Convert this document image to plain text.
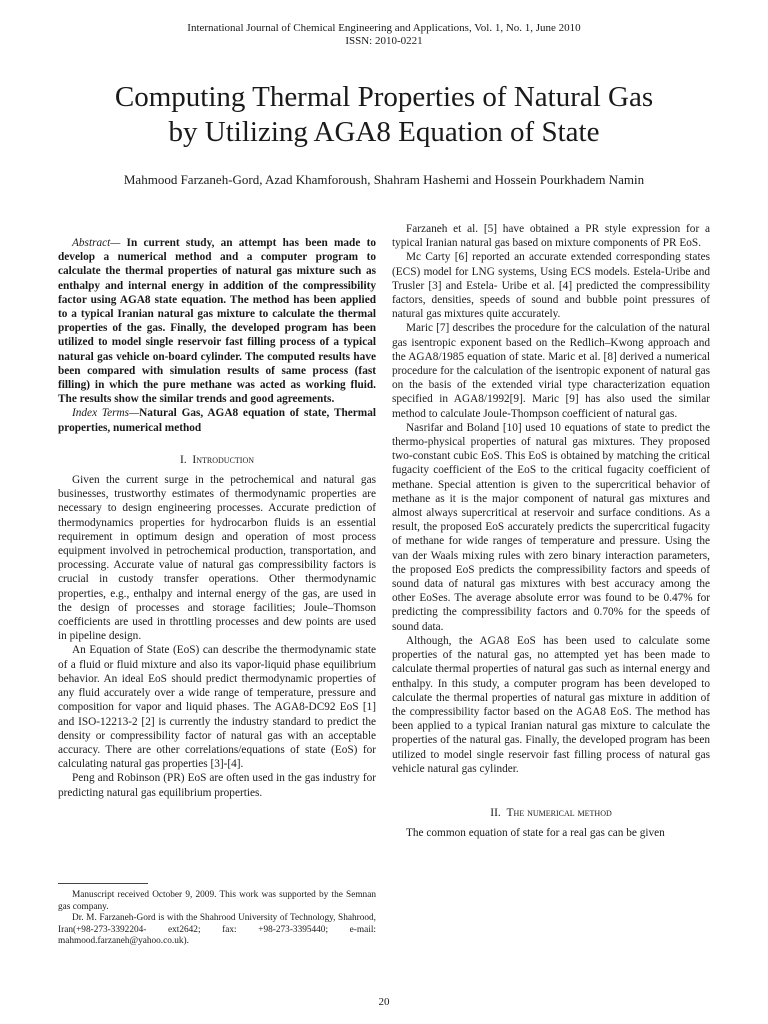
International Journal of Chemical Engineering and Applications, Vol. 1, No. 1, June 2010
ISSN: 2010-0221
Computing Thermal Properties of Natural Gas
by Utilizing AGA8 Equation of State
Mahmood Farzaneh-Gord, Azad Khamforoush, Shahram Hashemi and Hossein Pourkhadem Namin

Abstract— In current study, an attempt has been made to develop a numerical method and a computer program to calculate the thermal properties of natural gas mixture such as enthalpy and internal energy in addition of the compressibility factor using AGA8 state equation. The method has been applied to a typical Iranian natural gas mixture to calculate the thermal properties of the gas. Finally, the developed program has been utilized to model single reservoir fast filling process of a typical natural gas vehicle on-board cylinder. The computed results have been compared with simulation results of same process (fast filling) in which the pure methane was acted as working fluid. The results show the similar trends and good agreements.

Index Terms—Natural Gas, AGA8 equation of state, Thermal properties, numerical method

I. Introduction

Given the current surge in the petrochemical and natural gas businesses, trustworthy estimates of thermodynamic properties are necessary to design engineering processes. Accurate prediction of thermodynamics properties for hydrocarbon fluids is an essential requirement in optimum design and operation of most process equipment involved in petrochemical production, transportation, and processing. Accurate value of natural gas compressibility factors is crucial in custody transfer operations. Other thermodynamic properties, e.g., enthalpy and internal energy of the gas, are used in the design of processes and storage facilities; Joule–Thomson coefficients are used in throttling processes and dew points are used in pipeline design.

An Equation of State (EoS) can describe the thermodynamic state of a fluid or fluid mixture and also its vapor-liquid phase equilibrium behavior. An ideal EoS should predict thermodynamic properties of any fluid accurately over a wide range of temperature, pressure and composition for vapor and liquid phases. The AGA8-DC92 EoS [1] and ISO-12213-2 [2] is currently the industry standard to predict the density or compressibility factor of natural gas with an acceptable accuracy. There are other correlations/equations of state (EoS) for calculating natural gas properties [3]-[4].

Peng and Robinson (PR) EoS are often used in the gas industry for predicting natural gas equilibrium properties.

Manuscript received October 9, 2009. This work was supported by the Semnan gas company.

Dr. M. Farzaneh-Gord is with the Shahrood University of Technology, Shahrood, Iran(+98-273-3392204- ext2642; fax: +98-273-3395440; e-mail: mahmood.farzaneh@yahoo.co.uk).

Farzaneh et al. [5] have obtained a PR style expression for a typical Iranian natural gas based on mixture components of PR EoS.

Mc Carty [6] reported an accurate extended corresponding states (ECS) model for LNG systems, Using ECS models. Estela-Uribe and Trusler [3] and Estela- Uribe et al. [4] predicted the compressibility factors, densities, speeds of sound and bubble point pressures of natural gas mixtures quite accurately.

Maric [7] describes the procedure for the calculation of the natural gas isentropic exponent based on the Redlich–Kwong approach and the AGA8/1985 equation of state. Maric et al. [8] derived a numerical procedure for the calculation of the isentropic exponent of natural gas on the basis of the extended virial type characterization equation specified in AGA8/1992[9]. Maric [9] has also used the similar method to calculate Joule-Thompson coefficient of natural gas.

Nasrifar and Boland [10] used 10 equations of state to predict the thermo-physical properties of natural gas mixtures. They proposed two-constant cubic EoS. This EoS is obtained by matching the critical fugacity coefficient of the EoS to the critical fugacity coefficient of methane. Special attention is given to the supercritical behavior of methane as it is the major component of natural gas mixtures and almost always supercritical at reservoir and surface conditions. As a result, the proposed EoS accurately predicts the supercritical fugacity of methane for wide ranges of temperature and pressure. Using the van der Waals mixing rules with zero binary interaction parameters, the proposed EoS predicts the compressibility factors and speeds of sound data of natural gas mixtures with best accuracy among the other EoSes. The average absolute error was found to be 0.47% for predicting the compressibility factors and 0.70% for the speeds of sound data.

Although, the AGA8 EoS has been used to calculate some properties of the natural gas, no attempted yet has been made to calculate thermal properties of natural gas such as internal energy and enthalpy. In this study, a computer program has been developed to calculate the thermal properties of natural gas mixture in addition of the compressibility factor based on the AGA8 EoS. The method has been applied to a typical Iranian natural gas mixture to calculate the properties of the natural gas. Finally, the developed program has been utilized to model single reservoir fast filling process of natural gas vehicle natural gas cylinder.

II. The numerical method

The common equation of state for a real gas can be given

20
